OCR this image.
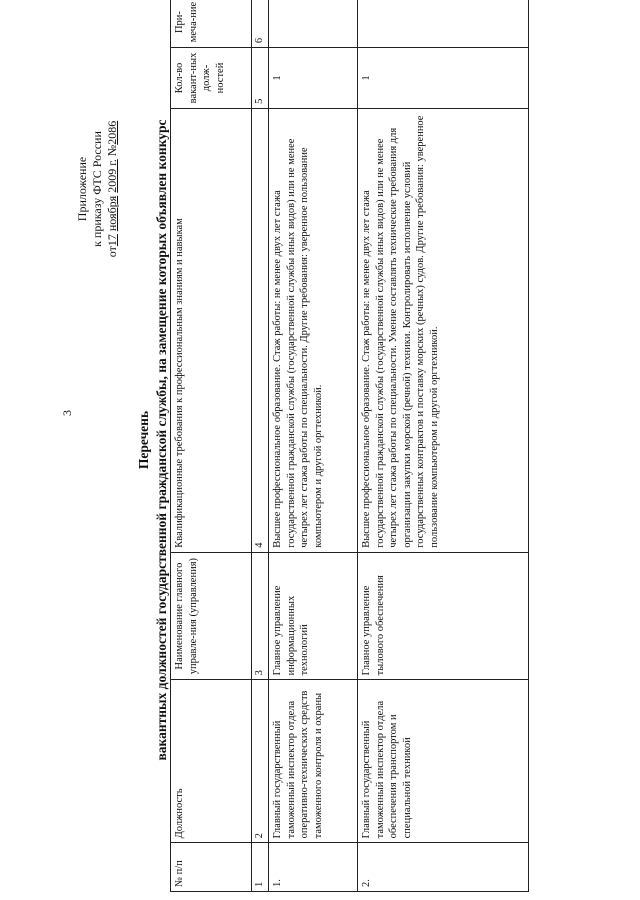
3
Приложение к приказу ФТС России
от17 ноября 2009 г. №2086
Перечень вакантных должностей государственной гражданской службы, на замещение которых объявлен конкурс
№ п/п	Должность	Наименование главного управле-ния (управления)	Квалификационные требования к профессиональным знаниям и навыкам	Кол-во вакант-ных долж-ностей	При-меча-ние
1	2	3	4	5	6
1.	Главный государственный таможенный инспектор отдела оперативно-технических средств таможенного контроля и охраны	Главное управление информационных технологий	Высшее профессиональное образование. Стаж работы: не менее двух лет стажа государственной гражданской службы (государственной службы иных видов) или не менее четырех лет стажа работы по специальности. Другие требования: уверенное пользование компьютером и другой оргтехникой.	1	
2.	Главный государственный таможенный инспектор отдела обеспечения транспортом и специальной техникой	Главное управление тылового обеспечения	Высшее профессиональное образование. Стаж работы: не менее двух лет стажа государственной гражданской службы (государственной службы иных видов) или не менее четырех лет стажа работы по специальности. Умение составлять технические требования для организации закупки морской (речной) техники. Контролировать исполнение условий государственных контрактов и поставку морских (речных) судов. Другие требования: уверенное пользование компьютером и другой оргтехникой.	1	
